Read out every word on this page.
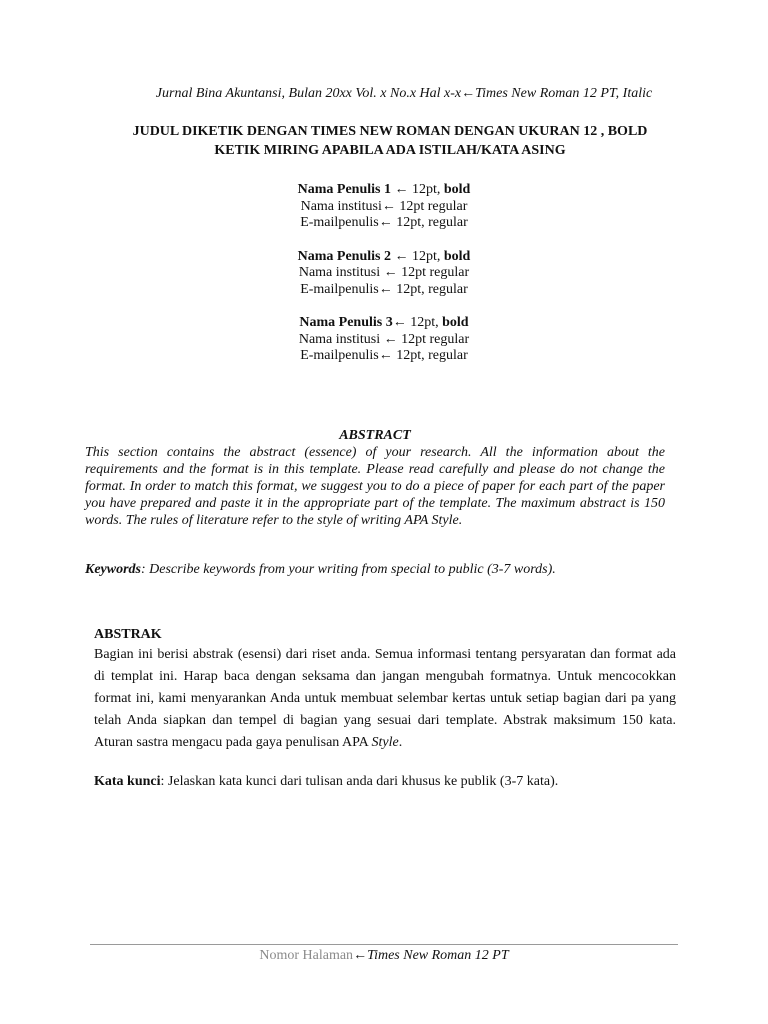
Jurnal Bina Akuntansi, Bulan 20xx Vol. x No.x Hal x-x←Times New Roman 12 PT, Italic
JUDUL DIKETIK DENGAN TIMES NEW ROMAN DENGAN UKURAN 12 , BOLD
KETIK MIRING APABILA ADA ISTILAH/KATA ASING
Nama Penulis 1 ← 12pt, bold
Nama institusi← 12pt regular
E-mailpenulis← 12pt, regular
Nama Penulis 2 ← 12pt, bold
Nama institusi ← 12pt regular
E-mailpenulis← 12pt, regular
Nama Penulis 3← 12pt, bold
Nama institusi ← 12pt regular
E-mailpenulis← 12pt, regular
ABSTRACT
This section contains the abstract (essence) of your research. All the information about the requirements and the format is in this template. Please read carefully and please do not change the format. In order to match this format, we suggest you to do a piece of paper for each part of the paper you have prepared and paste it in the appropriate part of the template. The maximum abstract is 150 words. The rules of literature refer to the style of writing APA Style.
Keywords: Describe keywords from your writing from special to public (3-7 words).
ABSTRAK
Bagian ini berisi abstrak (esensi) dari riset anda. Semua informasi tentang persyaratan dan format ada di templat ini. Harap baca dengan seksama dan jangan mengubah formatnya. Untuk mencocokkan format ini, kami menyarankan Anda untuk membuat selembar kertas untuk setiap bagian dari pa yang telah Anda siapkan dan tempel di bagian yang sesuai dari template. Abstrak maksimum 150 kata. Aturan sastra mengacu pada gaya penulisan APA Style.
Kata kunci: Jelaskan kata kunci dari tulisan anda dari khusus ke publik (3-7 kata).
Nomor Halaman←Times New Roman 12 PT
